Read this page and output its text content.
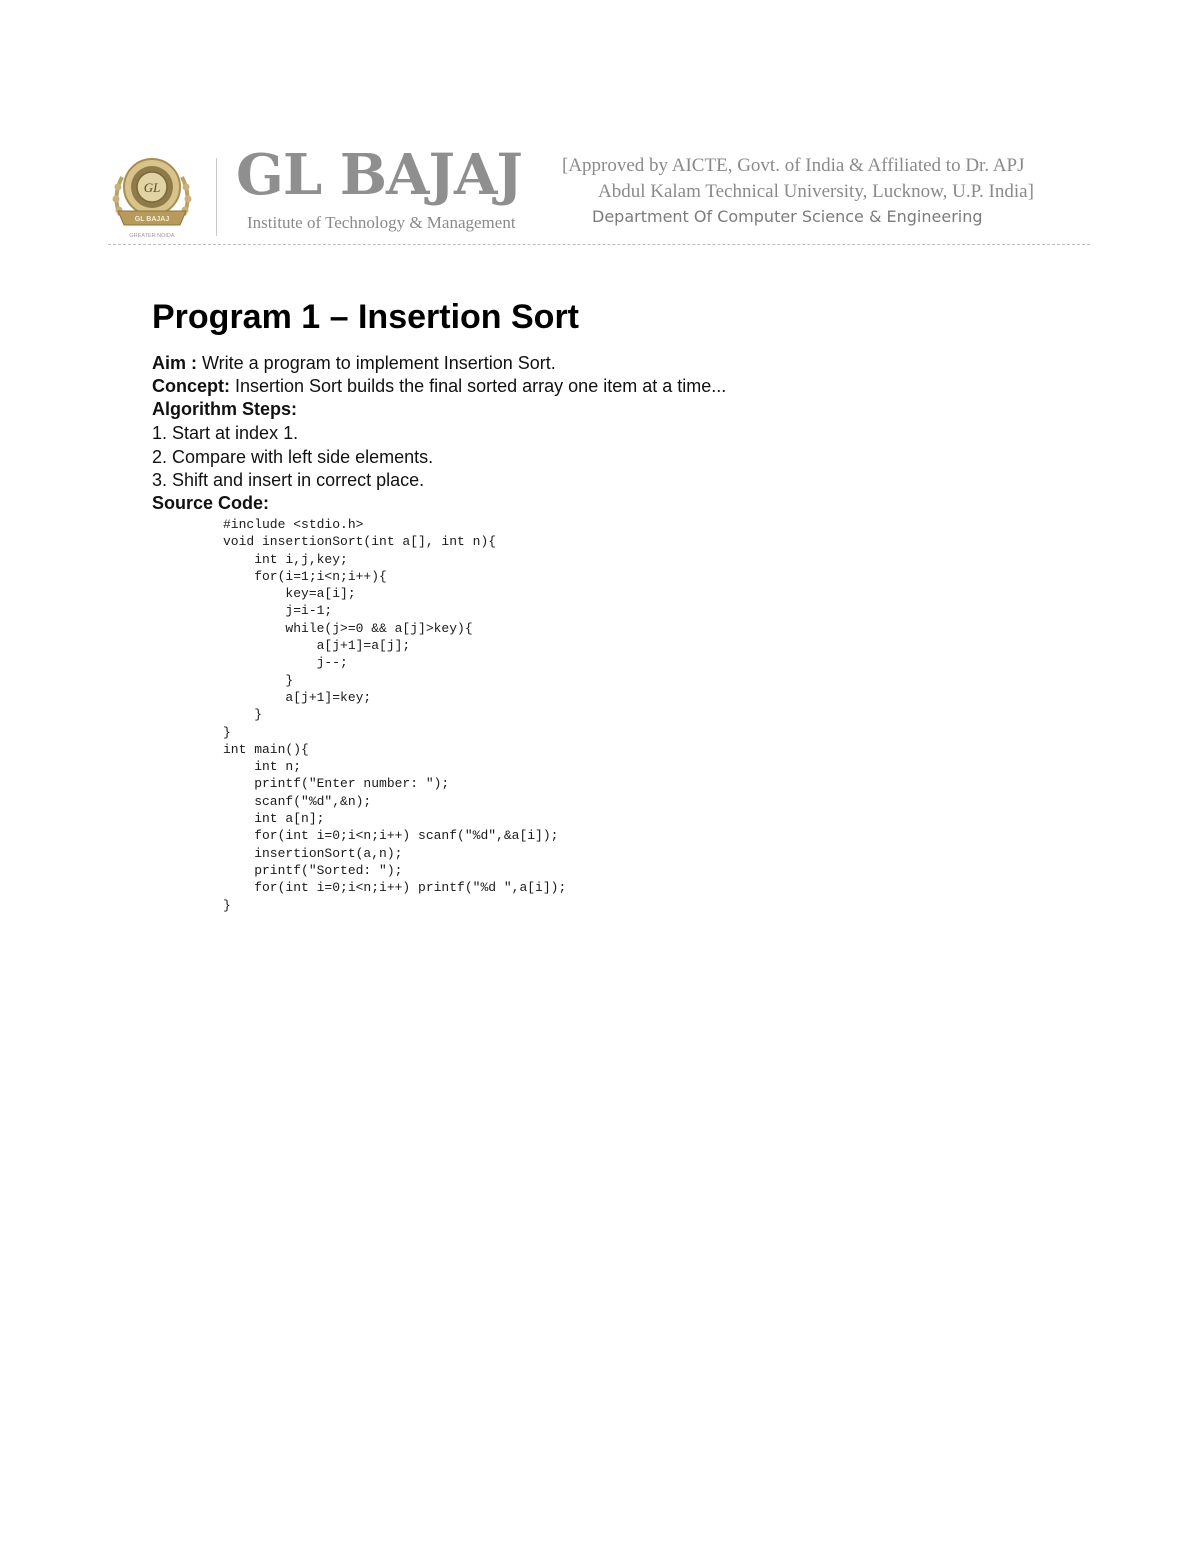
GL
GL BAJAJ
GREATER NOIDA
GL BAJAJ
Institute of Technology & Management
[Approved by AICTE, Govt. of India & Affiliated to Dr. APJ
Abdul Kalam Technical University, Lucknow, U.P. India]
Department Of Computer Science & Engineering
Program 1 – Insertion Sort
Aim : Write a program to implement Insertion Sort.
Concept: Insertion Sort builds the final sorted array one item at a time...
Algorithm Steps:
1. Start at index 1.
2. Compare with left side elements.
3. Shift and insert in correct place.
Source Code:
#include <stdio.h>
void insertionSort(int a[], int n){
int i,j,key;
for(i=1;i<n;i++){
key=a[i];
j=i-1;
while(j>=0 && a[j]>key){
a[j+1]=a[j];
j--;
}
a[j+1]=key;
}
}
int main(){
int n;
printf("Enter number: ");
scanf("%d",&n);
int a[n];
for(int i=0;i<n;i++) scanf("%d",&a[i]);
insertionSort(a,n);
printf("Sorted: ");
for(int i=0;i<n;i++) printf("%d ",a[i]);
}
